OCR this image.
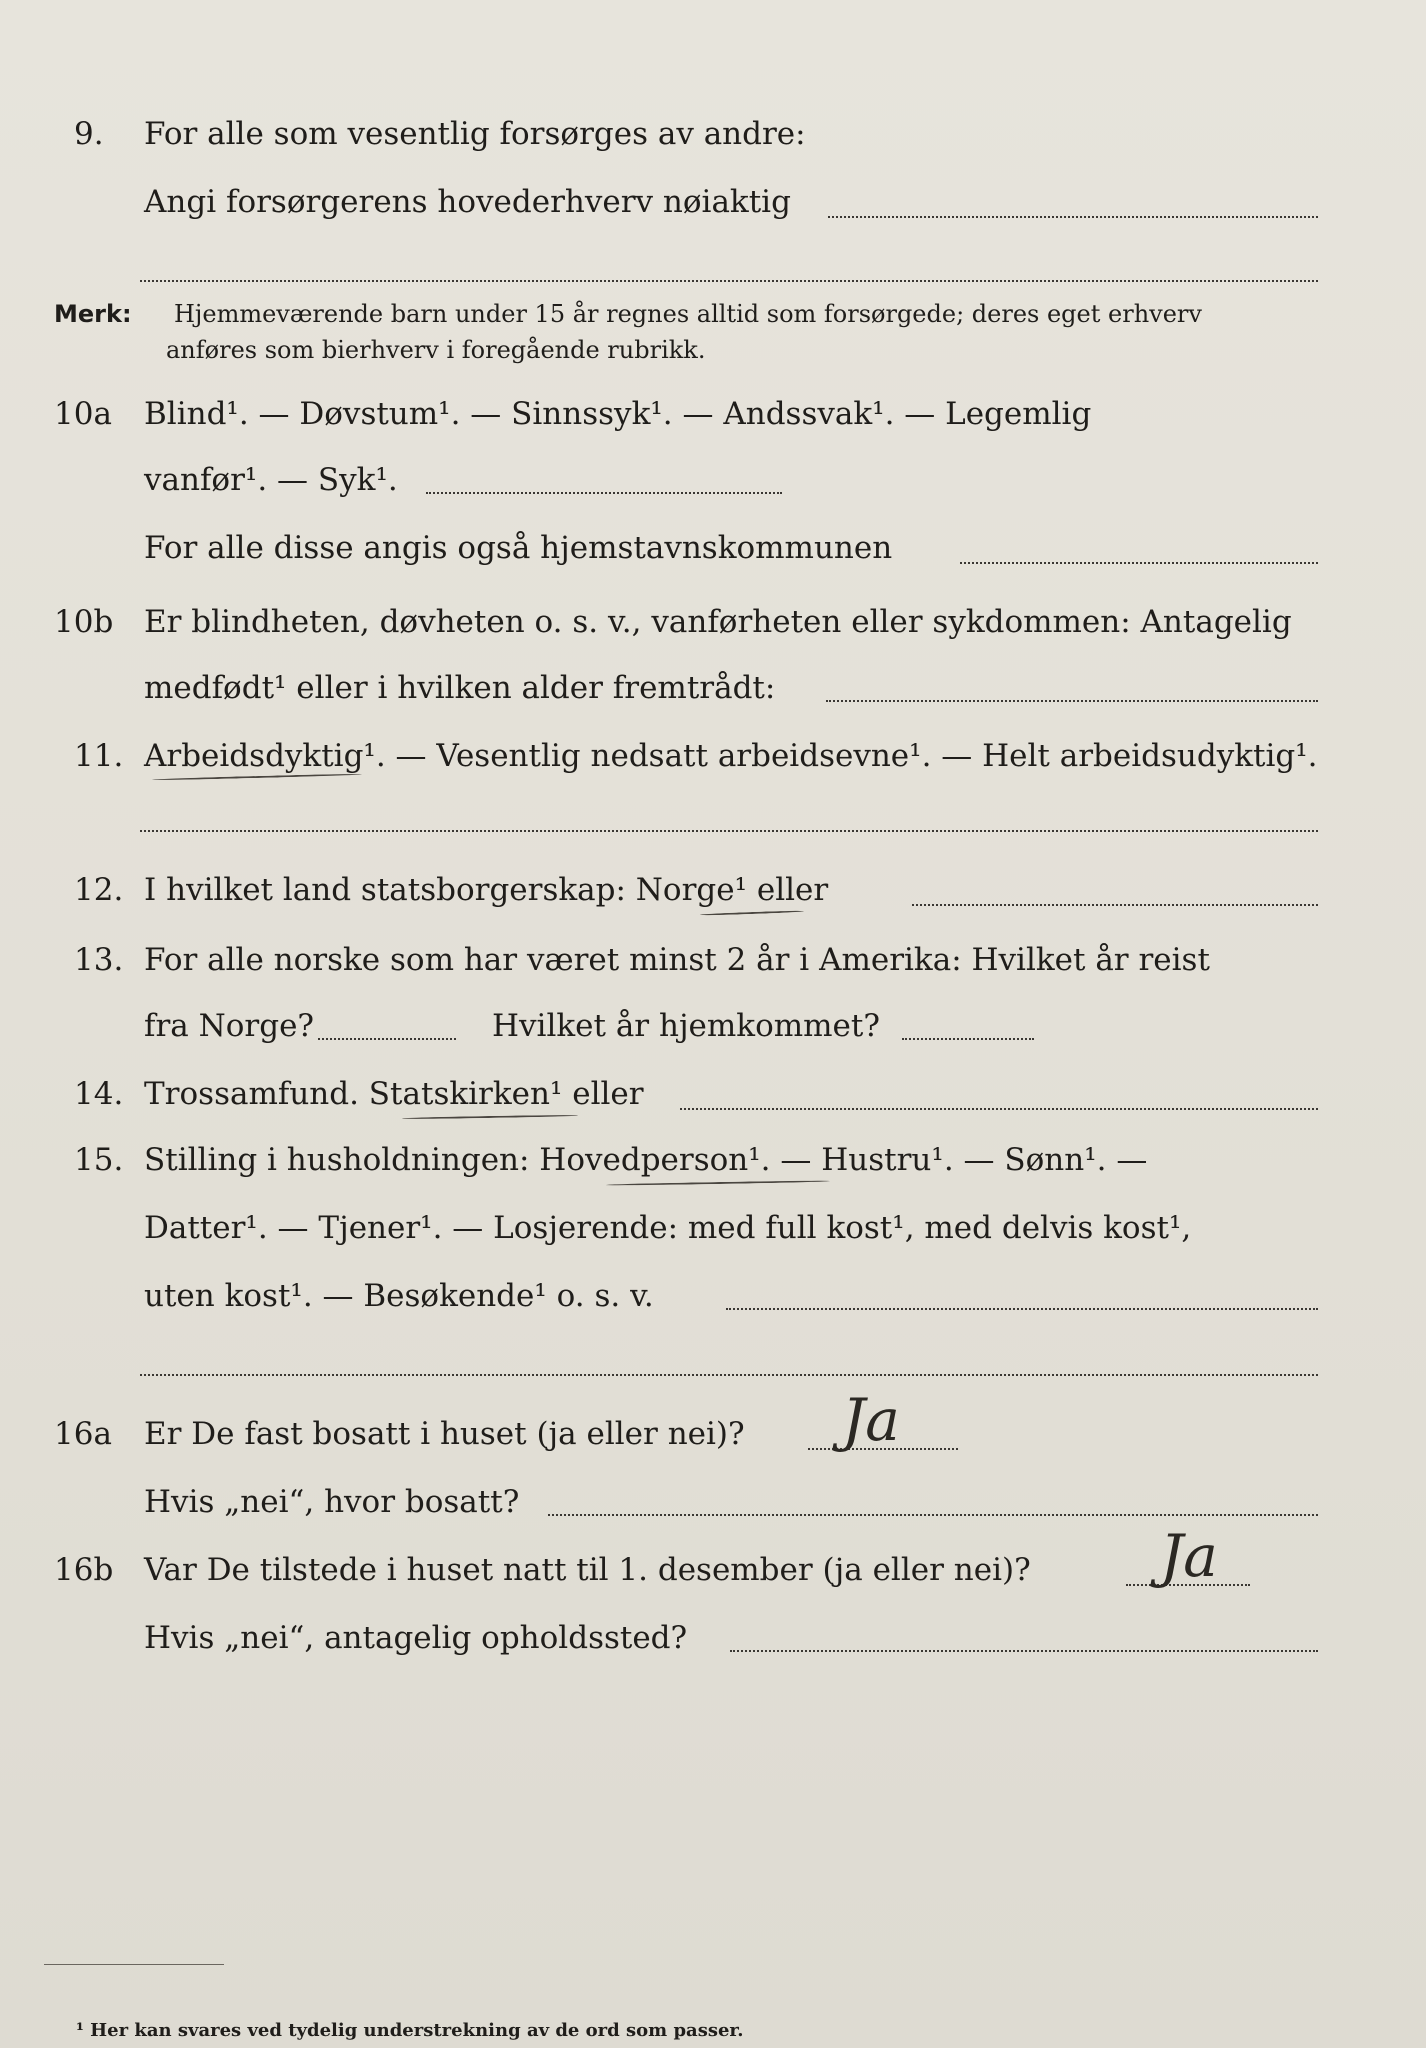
9. For alle som vesentlig forsørges av andre:
Angi forsørgerens hovederhverv nøiaktig
Merk: Hjemmeværende barn under 15 år regnes alltid som forsørgede; deres eget erhverv
anføres som bierhverv i foregående rubrikk.
10a Blind¹. — Døvstum¹. — Sinnssyk¹. — Andssvak¹. — Legemlig
vanfør¹. — Syk¹.
For alle disse angis også hjemstavnskommunen
10b Er blindheten, døvheten o. s. v., vanførheten eller sykdommen: Antagelig
medfødt¹ eller i hvilken alder fremtrådt:
11. Arbeidsdyktig¹. — Vesentlig nedsatt arbeidsevne¹. — Helt arbeidsudyktig¹.
12. I hvilket land statsborgerskap: Norge¹ eller
13. For alle norske som har været minst 2 år i Amerika: Hvilket år reist
fra Norge?	Hvilket år hjemkommet?
14. Trossamfund. Statskirken¹ eller
15. Stilling i husholdningen: Hovedperson¹. — Hustru¹. — Sønn¹. —
Datter¹. — Tjener¹. — Losjerende: med full kost¹, med delvis kost¹,
uten kost¹. — Besøkende¹ o. s. v.
16a Er De fast bosatt i huset (ja eller nei)? Ja
Hvis „nei“, hvor bosatt?
16b Var De tilstede i huset natt til 1. desember (ja eller nei)? Ja
Hvis „nei“, antagelig opholdssted?
¹ Her kan svares ved tydelig understrekning av de ord som passer.
